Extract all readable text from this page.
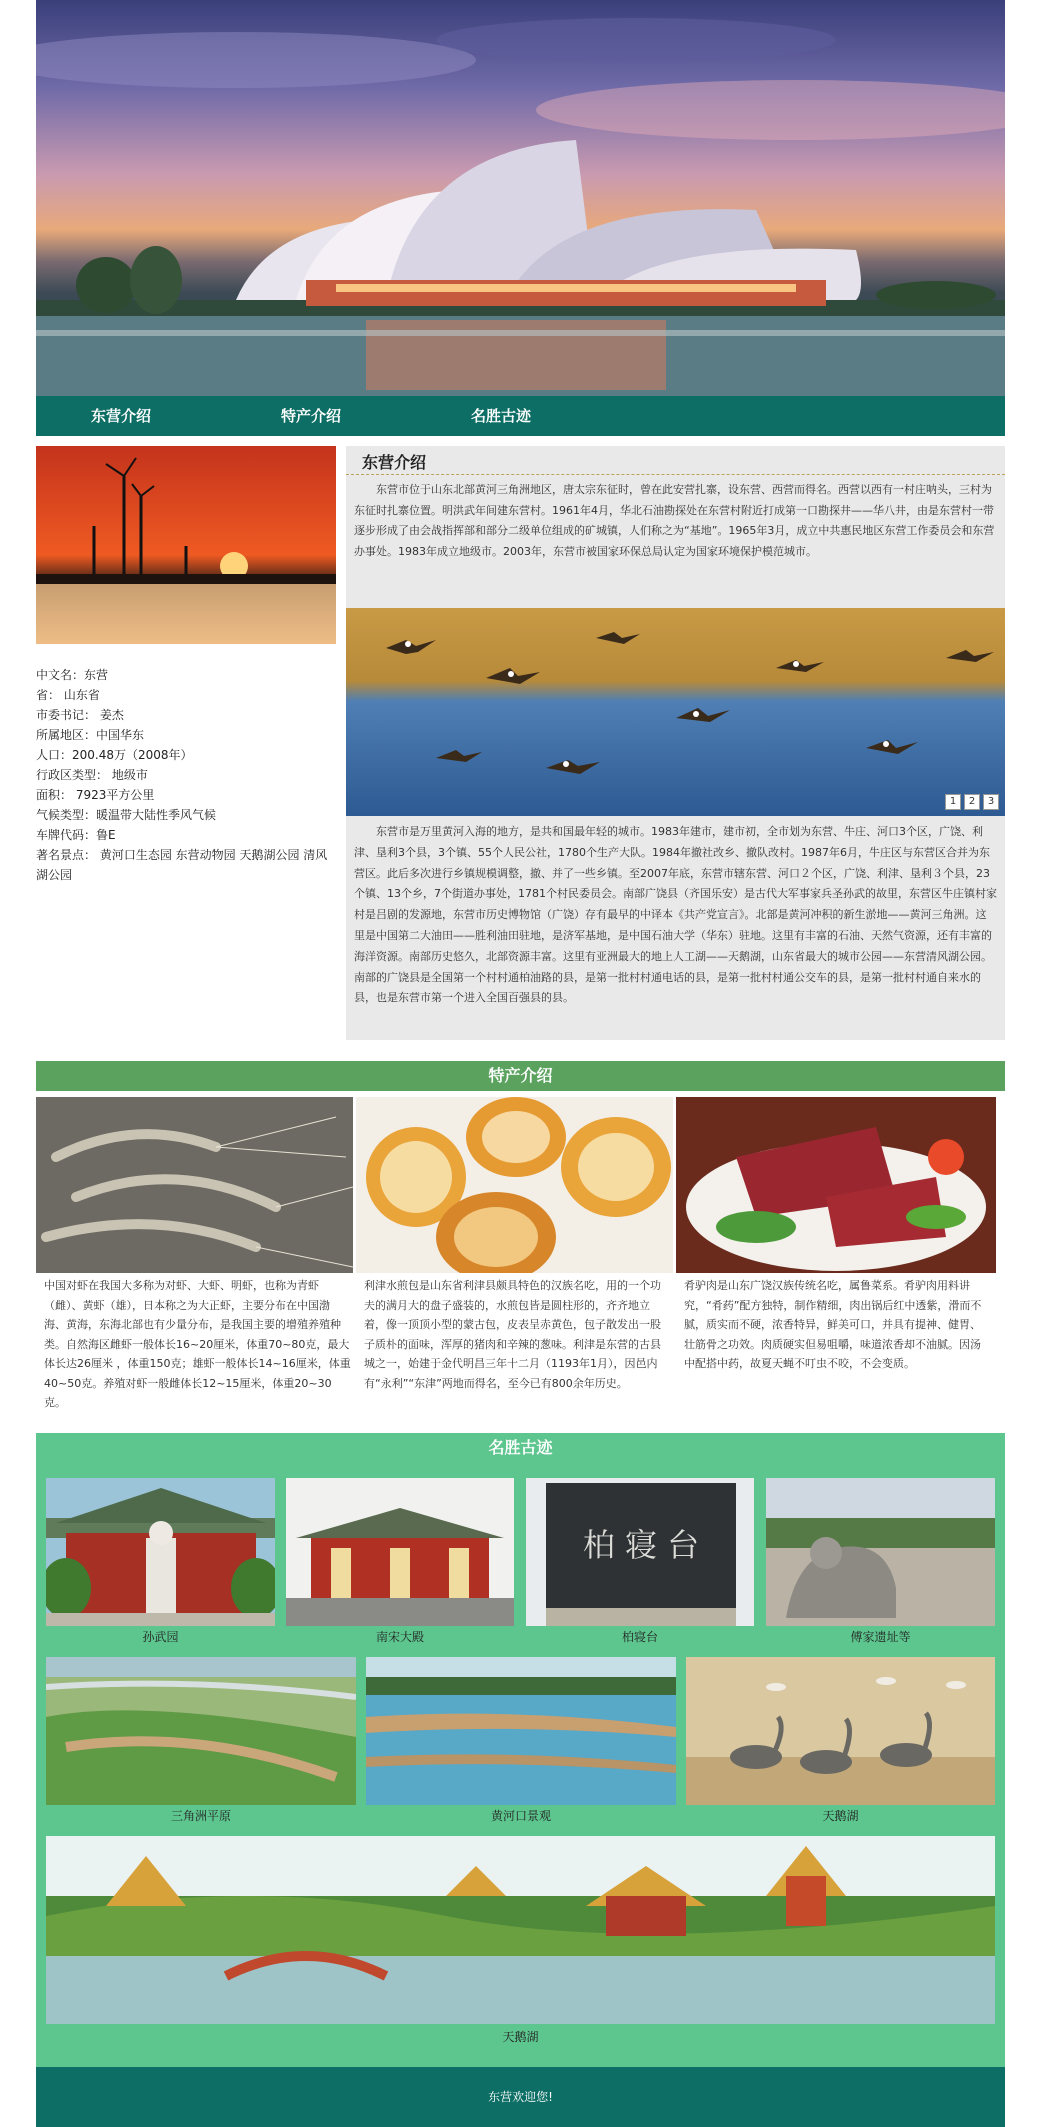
东营介绍	特产介绍	名胜古迹
中文名：东营
省： 山东省
市委书记： 姜杰
所属地区：中国华东
人口：200.48万（2008年）
行政区类型： 地级市
面积： 7923平方公里
气候类型：暖温带大陆性季风气候
车牌代码：鲁E
著名景点： 黄河口生态园 东营动物园 天鹅湖公园 清风湖公园
东营介绍
东营市位于山东北部黄河三角洲地区，唐太宗东征时，曾在此安营扎寨，设东营、西营而得名。西营以西有一村庄呐头，三村为东征时扎寨位置。明洪武年间建东营村。1961年4月，华北石油勘探处在东营村附近打成第一口勘探井——华八井，由是东营村一带逐步形成了由会战指挥部和部分二级单位组成的矿城镇，人们称之为“基地”。1965年3月，成立中共惠民地区东营工作委员会和东营办事处。1983年成立地级市。2003年，东营市被国家环保总局认定为国家环境保护模范城市。
1 2 3
东营市是万里黄河入海的地方，是共和国最年轻的城市。1983年建市，建市初，全市划为东营、牛庄、河口3个区，广饶、利津、垦利3个县，3个镇、55个人民公社，1780个生产大队。1984年撤社改乡、撤队改村。1987年6月，牛庄区与东营区合并为东营区。此后多次进行乡镇规模调整，撤、并了一些乡镇。至2007年底，东营市辖东营、河口２个区，广饶、利津、垦利３个县，23个镇、13个乡，7个街道办事处，1781个村民委员会。南部广饶县（齐国乐安）是古代大军事家兵圣孙武的故里，东营区牛庄镇村家村是吕剧的发源地，东营市历史博物馆（广饶）存有最早的中译本《共产党宣言》。北部是黄河冲积的新生淤地——黄河三角洲。这里是中国第二大油田——胜利油田驻地，是济军基地，是中国石油大学（华东）驻地。这里有丰富的石油、天然气资源，还有丰富的海洋资源。南部历史悠久，北部资源丰富。这里有亚洲最大的地上人工湖——天鹅湖，山东省最大的城市公园——东营清风湖公园。南部的广饶县是全国第一个村村通柏油路的县，是第一批村村通电话的县，是第一批村村通公交车的县，是第一批村村通自来水的县，也是东营市第一个进入全国百强县的县。
特产介绍
中国对虾在我国大多称为对虾、大虾、明虾，也称为青虾（雌）、黄虾（雄），日本称之为大正虾，主要分布在中国渤海、黄海，东海北部也有少量分布，是我国主要的增殖养殖种类。自然海区雌虾一般体长16~20厘米，体重70~80克，最大体长达26厘米 ，体重150克；雄虾一般体长14~16厘米，体重40~50克。养殖对虾一般雌体长12~15厘米，体重20~30克。
利津水煎包是山东省利津县颇具特色的汉族名吃，用的一个功夫的满月大的盘子盛装的，水煎包皆是圆柱形的，齐齐地立着，像一顶顶小型的蒙古包，皮表呈赤黄色，包子散发出一股子质朴的面味，浑厚的猪肉和辛辣的葱味。利津是东营的古县城之一，始建于金代明昌三年十二月（1193年1月），因邑内有“永利”“东津”两地而得名，至今已有800余年历史。
肴驴肉是山东广饶汉族传统名吃，属鲁菜系。肴驴肉用料讲究，“肴药”配方独特，制作精细，肉出锅后红中透紫，滑而不腻，质实而不硬，浓香特异，鲜美可口，并具有提神、健胃、壮筋骨之功效。肉质硬实但易咀嚼，味道浓香却不油腻。因汤中配搭中药，故夏天蝇不叮虫不咬，不会变质。
名胜古迹
孙武园	南宋大殿
柏 寝 台
柏寝台	傅家遗址等
三角洲平原	黄河口景观	天鹅湖
天鹅湖
东营欢迎您!
